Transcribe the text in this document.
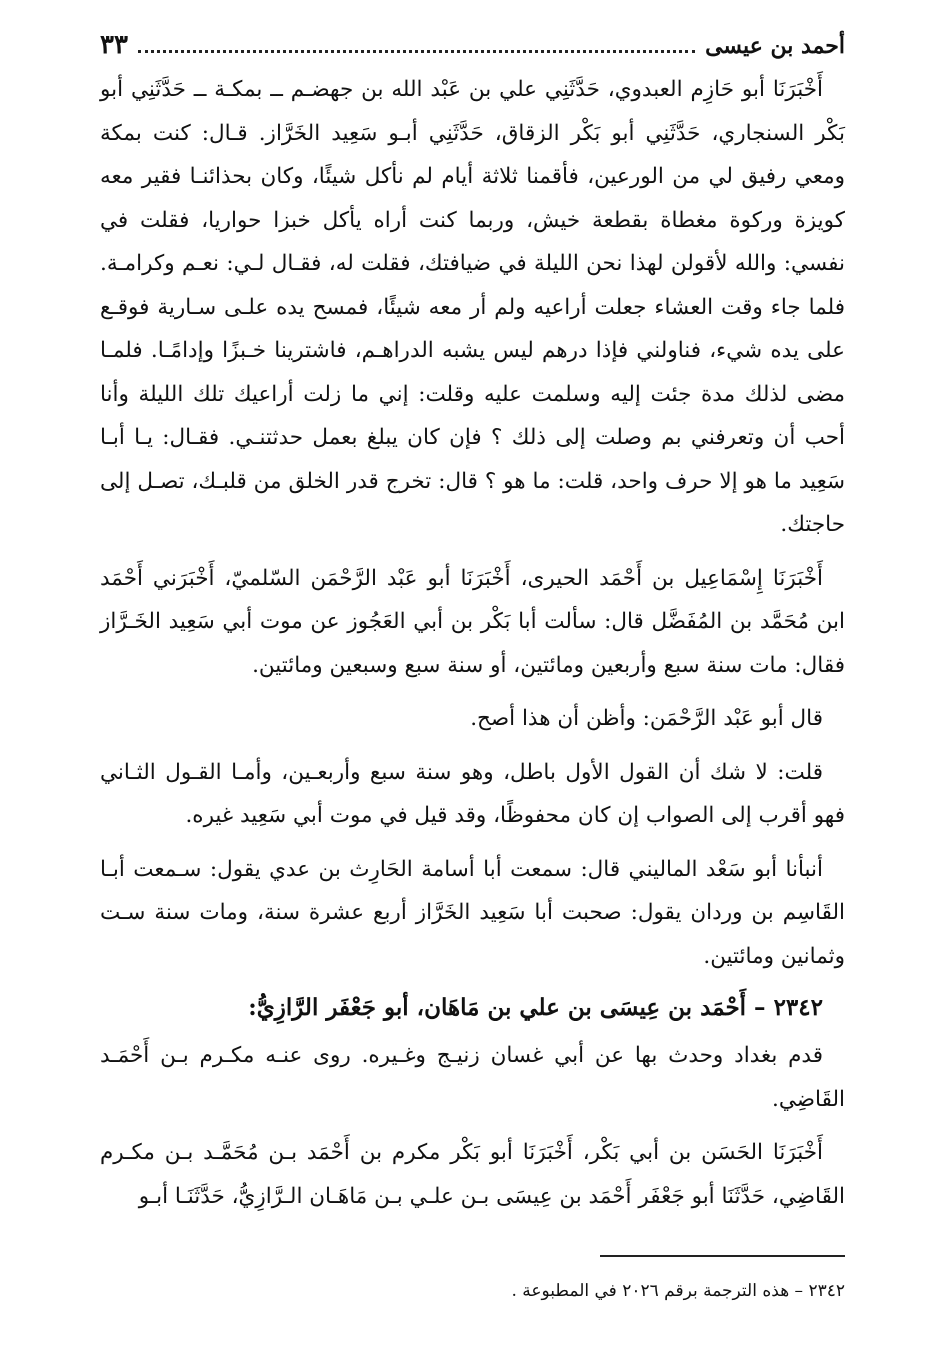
أحمد بن عيسى
٣٣

أَخْبَرَنَا أبو حَازِم العبدوي، حَدَّثَنِي علي بن عَبْد الله بن جهضـم ــ بمكـة ــ حَدَّثَنِي أبو بَكْر السنجاري، حَدَّثَنِي أبو بَكْر الزقاق، حَدَّثَنِي أبـو سَعِيد الخَرَّاز. قـال: كنت بمكة ومعي رفيق لي من الورعين، فأقمنا ثلاثة أيام لم نأكل شيئًا، وكان بحذائنـا فقير معه كويزة وركوة مغطاة بقطعة خيش، وربما كنت أراه يأكل خبزا حواريا، فقلت في نفسي: والله لأقولن لهذا نحن الليلة في ضيافتك، فقلت له، فقـال لـي: نعـم وكرامـة. فلما جاء وقت العشاء جعلت أراعيه ولم أر معه شيئًا، فمسح يده علـى سـارية فوقـع على يده شيء، فناولني فإذا درهم ليس يشبه الدراهـم، فاشترينا خـبزًا وإدامًـا. فلمـا مضى لذلك مدة جئت إليه وسلمت عليه وقلت: إني ما زلت أراعيك تلك الليلة وأنا أحب أن وتعرفني بم وصلت إلى ذلك ؟ فإن كان يبلغ بعمل حدثتنـي. فقـال: يـا أبـا سَعِيد ما هو إلا حرف واحد، قلت: ما هو ؟ قال: تخرج قدر الخلق من قلبـك، تصـل إلى حاجتك.

أَخْبَرَنَا إِسْمَاعِيل بن أَحْمَد الحيرى، أَخْبَرَنَا أبو عَبْد الرَّحْمَن السّلميّ، أَخْبَرَني أَحْمَد ابن مُحَمَّد بن المُفَضَّل قال: سألت أبا بَكْر بن أبي العَجُوز عن موت أبي سَعِيد الخَـرَّاز فقال: مات سنة سبع وأربعين ومائتين، أو سنة سبع وسبعين ومائتين.

قال أبو عَبْد الرَّحْمَن: وأظن أن هذا أصح.

قلت: لا شك أن القول الأول باطل، وهو سنة سبع وأربعـين، وأمـا القـول الثـاني فهو أقرب إلى الصواب إن كان محفوظًا، وقد قيل في موت أبي سَعِيد غيره.

أنبأنا أبو سَعْد الماليني قال: سمعت أبا أسامة الحَارِث بن عدي يقول: سـمعت أبـا القَاسِم بن وردان يقول: صحبت أبا سَعِيد الخَرَّاز أربع عشرة سنة، ومات سنة سـت وثمانين ومائتين.

٢٣٤٢ – أَحْمَد بن عِيسَى بن علي بن مَاهَان، أبو جَعْفَر الرَّازِيُّ:

قدم بغداد وحدث بها عن أبي غسان زنيـج وغـيره. روى عنـه مكـرم بـن أَحْمَـد القَاضِي.

أَخْبَرَنَا الحَسَن بن أبي بَكْر، أَخْبَرَنَا أبو بَكْر مكرم بن أَحْمَد بـن مُحَمَّـد بـن مكـرم القَاضِي، حَدَّثَنَا أبو جَعْفَر أَحْمَد بن عِيسَى بـن علـي بـن مَاهَـان الـرَّازِيُّ، حَدَّثَنَـا أبـو

٢٣٤٢ – هذه الترجمة برقم ٢٠٢٦ في المطبوعة .
